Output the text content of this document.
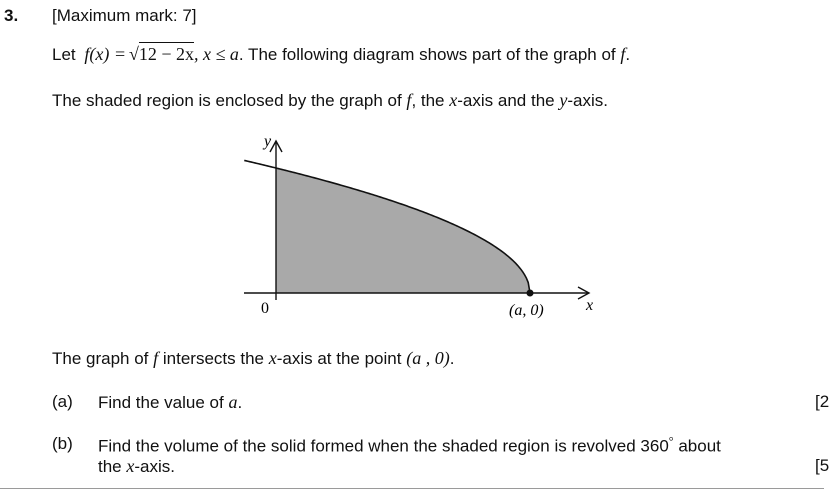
3. [Maximum mark: 7]
Let f(x) = √12 − 2x, x ≤ a. The following diagram shows part of the graph of f.
The shaded region is enclosed by the graph of f, the x-axis and the y-axis.
y
x
0	(a, 0)
The graph of f intersects the x-axis at the point (a , 0).
(a) Find the value of a.	[2
(b) Find the volume of the solid formed when the shaded region is revolved 360° about
the x-axis.	[5
